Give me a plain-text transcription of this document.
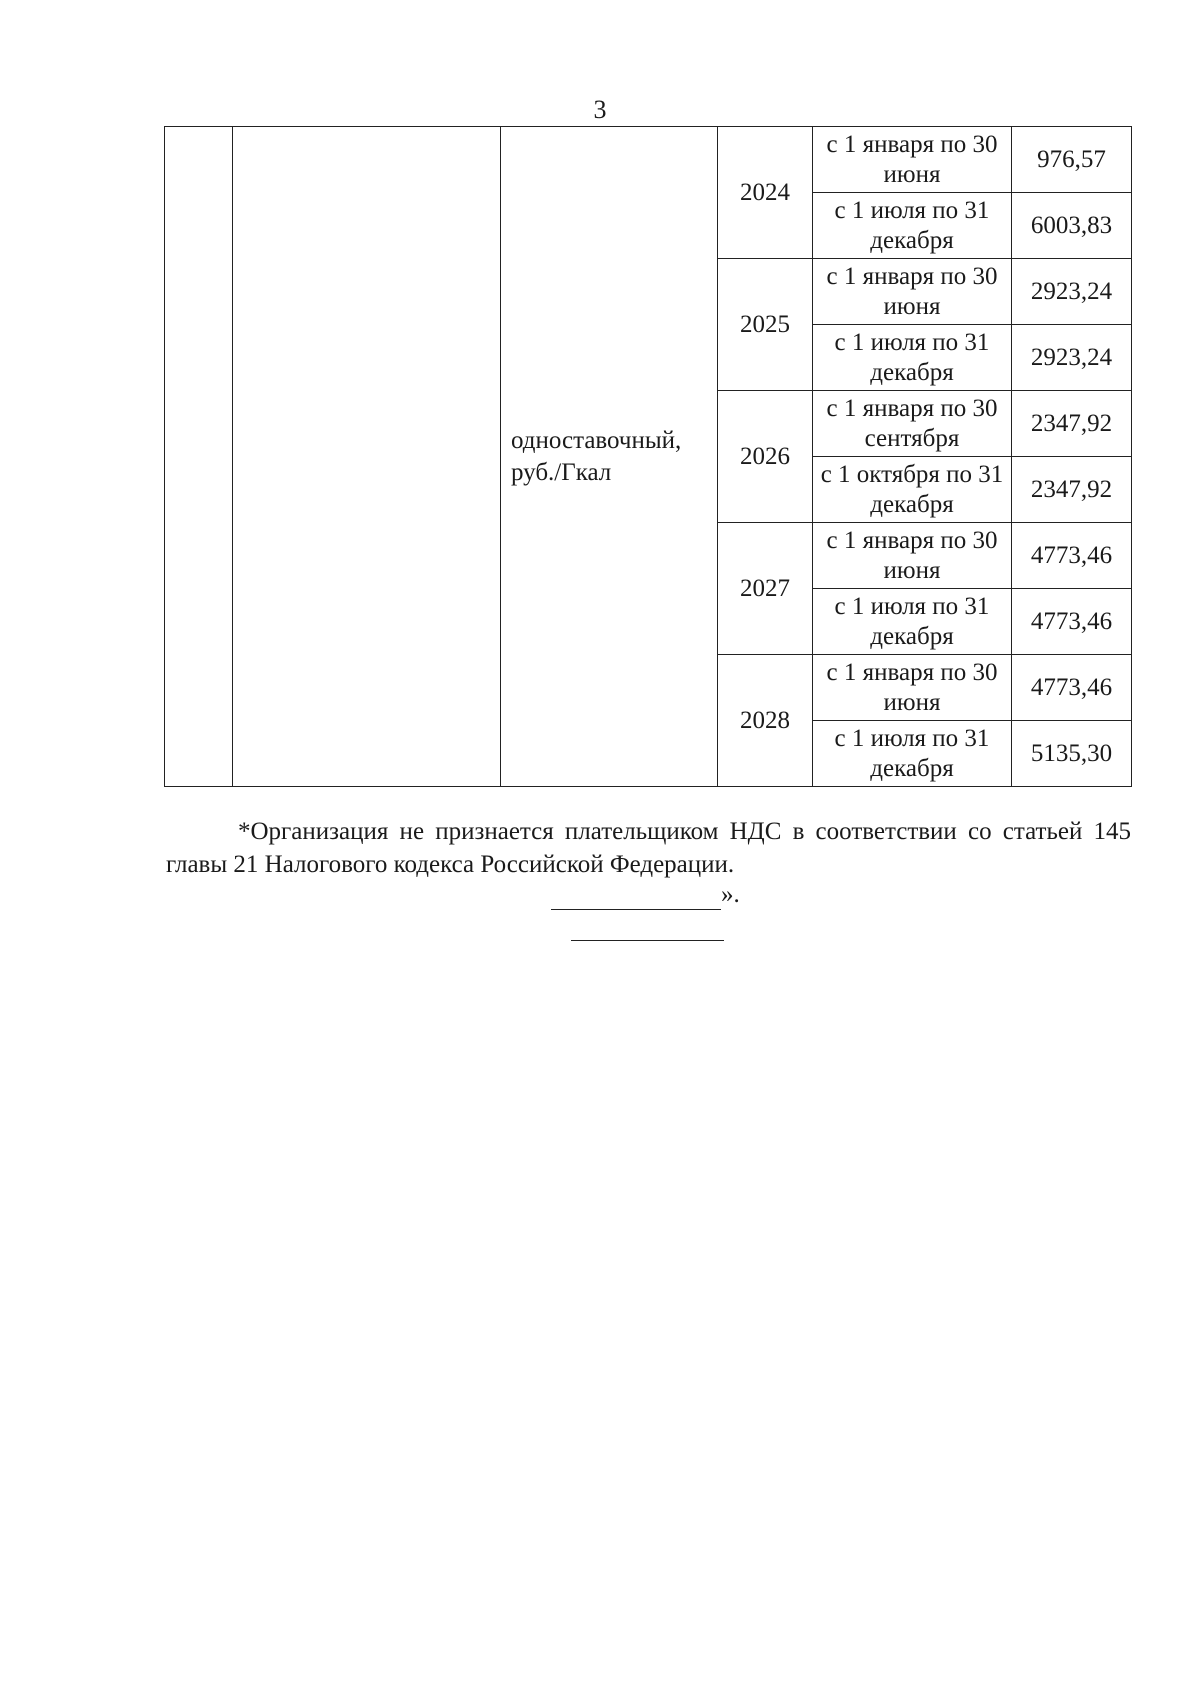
3
		одноставочный, руб./Гкал	2024	с 1 января по 30 июня	976,57
				с 1 июля по 31 декабря	6003,83
			2025	с 1 января по 30 июня	2923,24
				с 1 июля по 31 декабря	2923,24
			2026	с 1 января по 30 сентября	2347,92
				с 1 октября по 31 декабря	2347,92
			2027	с 1 января по 30 июня	4773,46
				с 1 июля по 31 декабря	4773,46
			2028	с 1 января по 30 июня	4773,46
				с 1 июля по 31 декабря	5135,30

*Организация не признается плательщиком НДС в соответствии со статьей 145 главы 21 Налогового кодекса Российской Федерации.

».
